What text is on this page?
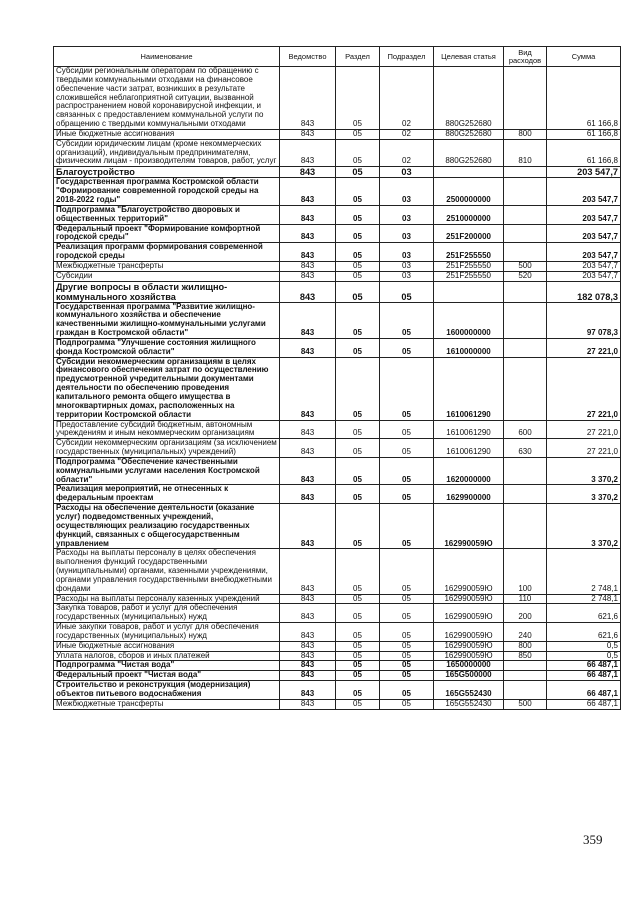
Наименование	Ведомство	Раздел	Подраздел	Целевая статья	Вид расходов	Сумма
Субсидии региональным операторам по обращению с твердыми коммунальными отходами на финансовое обеспечение части затрат, возникших в результате сложившейся неблагоприятной ситуации, вызванной распространением новой коронавирусной инфекции, и связанных с предоставлением коммунальной услуги по обращению с твердыми коммунальными отходами	843	05	02	880G252680		61 166,8
Иные бюджетные ассигнования	843	05	02	880G252680	800	61 166,8
Субсидии юридическим лицам (кроме некоммерческих организаций), индивидуальным предпринимателям, физическим лицам - производителям товаров, работ, услуг	843	05	02	880G252680	810	61 166,8
Благоустройство	843	05	03			203 547,7
Государственная программа Костромской области "Формирование современной городской среды на 2018-2022 годы"	843	05	03	2500000000		203 547,7
Подпрограмма "Благоустройство дворовых и общественных территорий"	843	05	03	2510000000		203 547,7
Федеральный проект "Формирование комфортной городской среды"	843	05	03	251F200000		203 547,7
Реализация программ формирования современной городской среды	843	05	03	251F255550		203 547,7
Межбюджетные трансферты	843	05	03	251F255550	500	203 547,7
Субсидии	843	05	03	251F255550	520	203 547,7
Другие вопросы в области жилищно-коммунального хозяйства	843	05	05			182 078,3
Государственная программа "Развитие жилищно-коммунального хозяйства и обеспечение качественными жилищно-коммунальными услугами граждан в Костромской области"	843	05	05	1600000000		97 078,3
Подпрограмма "Улучшение состояния жилищного фонда Костромской области"	843	05	05	1610000000		27 221,0
Субсидии некоммерческим организациям в целях финансового обеспечения затрат по осуществлению предусмотренной учредительными документами деятельности по обеспечению проведения капитального ремонта общего имущества в многоквартирных домах, расположенных на территории Костромской области	843	05	05	1610061290		27 221,0
Предоставление субсидий бюджетным, автономным учреждениям и иным некоммерческим организациям	843	05	05	1610061290	600	27 221,0
Субсидии некоммерческим организациям (за исключением государственных (муниципальных) учреждений)	843	05	05	1610061290	630	27 221,0
Подпрограмма "Обеспечение качественными коммунальными услугами населения Костромской области"	843	05	05	1620000000		3 370,2
Реализация мероприятий, не отнесенных к федеральным проектам	843	05	05	1629900000		3 370,2
Расходы на обеспечение деятельности (оказание услуг) подведомственных учреждений, осуществляющих реализацию государственных функций, связанных с общегосударственным управлением	843	05	05	162990059Ю		3 370,2
Расходы на выплаты персоналу в целях обеспечения выполнения функций государственными (муниципальными) органами, казенными учреждениями, органами управления государственными внебюджетными фондами	843	05	05	162990059Ю	100	2 748,1
Расходы на выплаты персоналу казенных учреждений	843	05	05	162990059Ю	110	2 748,1
Закупка товаров, работ и услуг для обеспечения государственных (муниципальных) нужд	843	05	05	162990059Ю	200	621,6
Иные закупки товаров, работ и услуг для обеспечения государственных (муниципальных) нужд	843	05	05	162990059Ю	240	621,6
Иные бюджетные ассигнования	843	05	05	162990059Ю	800	0,5
Уплата налогов, сборов и иных платежей	843	05	05	162990059Ю	850	0,5
Подпрограмма "Чистая вода"	843	05	05	1650000000		66 487,1
Федеральный проект "Чистая вода"	843	05	05	165G500000		66 487,1
Строительство и реконструкция (модернизация) объектов питьевого водоснабжения	843	05	05	165G552430		66 487,1
Межбюджетные трансферты	843	05	05	165G552430	500	66 487,1
359
